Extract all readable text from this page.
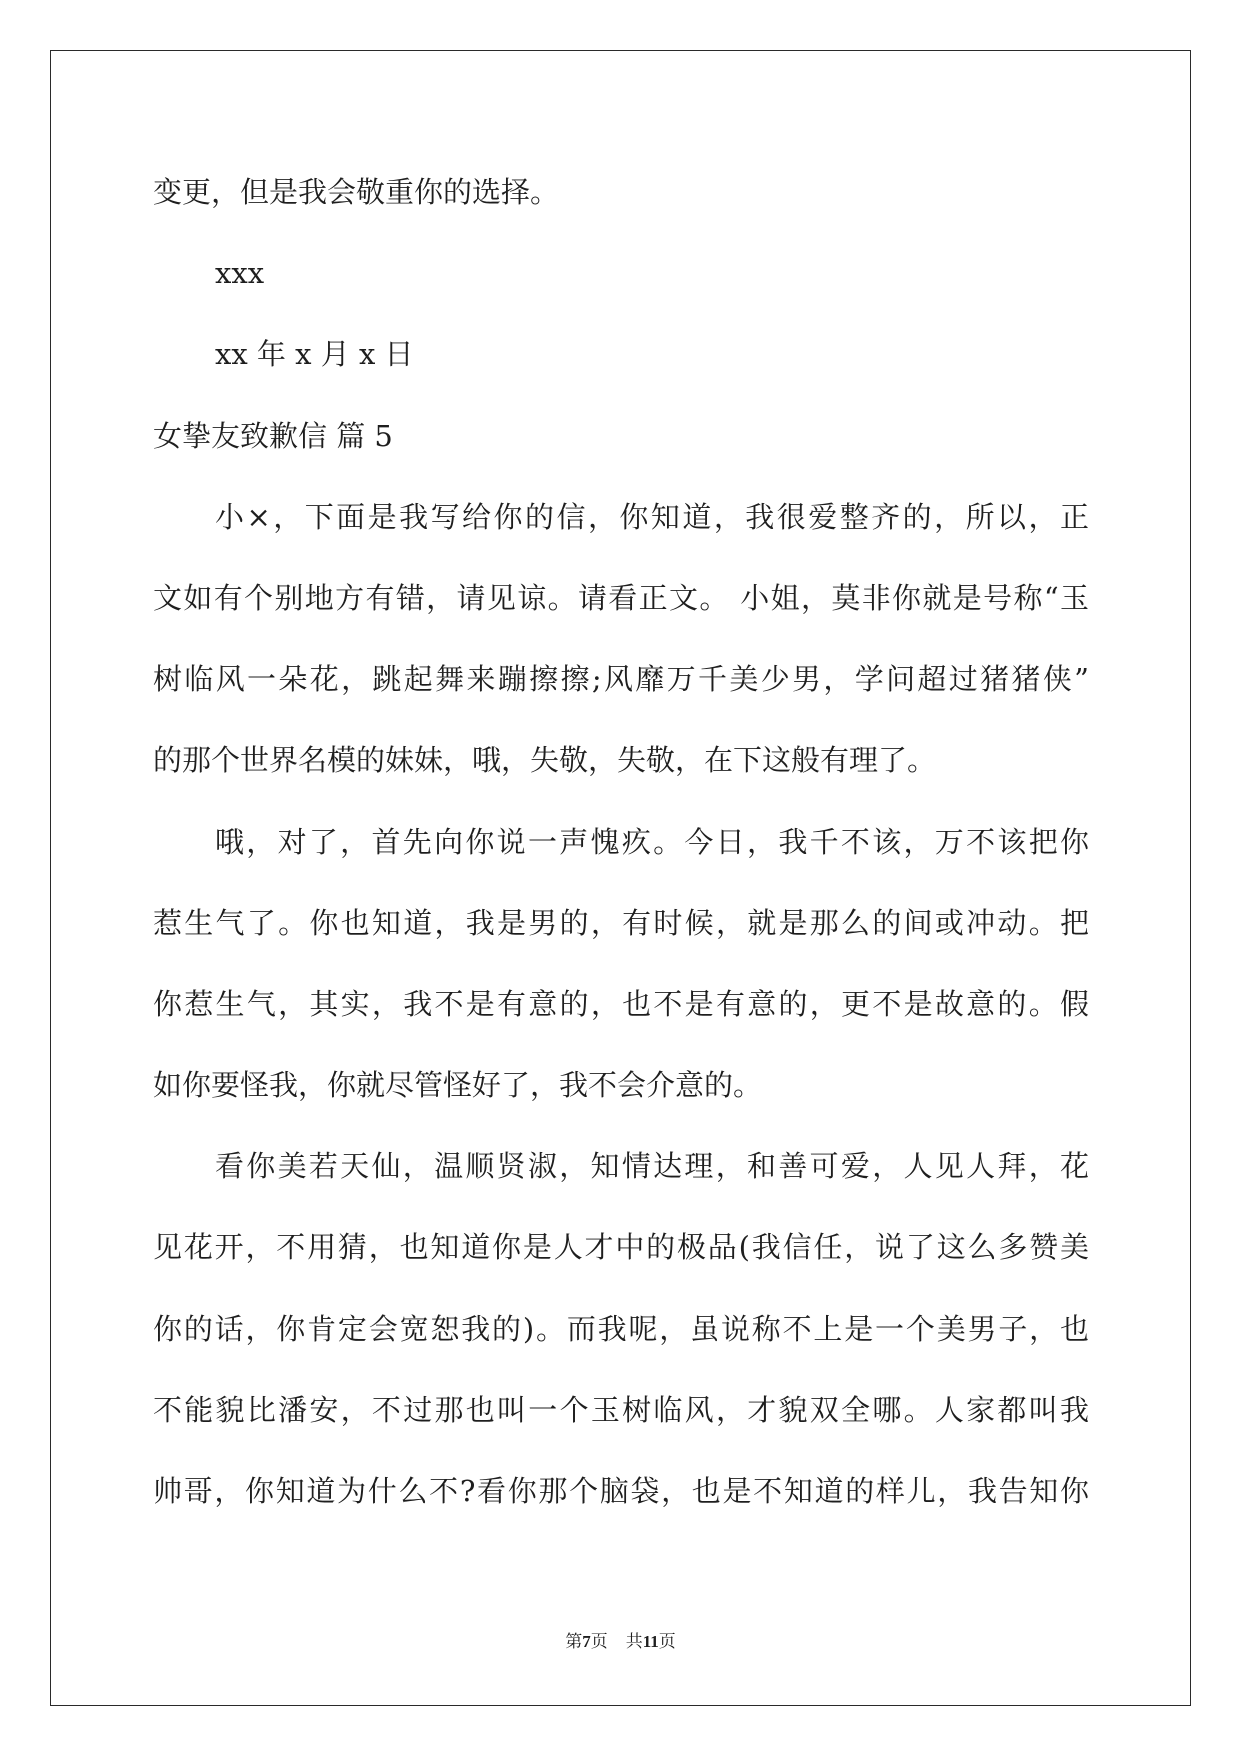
变更，但是我会敬重你的选择。
xxx
xx 年 x 月 x 日
女挚友致歉信 篇 5
小×，下面是我写给你的信，你知道，我很爱整齐的，所以，正
文如有个别地方有错，请见谅。请看正文。 小姐，莫非你就是号称“玉
树临风一朵花，跳起舞来蹦擦擦;风靡万千美少男，学问超过猪猪侠”
的那个世界名模的妹妹，哦，失敬，失敬，在下这般有理了。
哦，对了，首先向你说一声愧疚。今日，我千不该，万不该把你
惹生气了。你也知道，我是男的，有时候，就是那么的间或冲动。把
你惹生气，其实，我不是有意的，也不是有意的，更不是故意的。假
如你要怪我，你就尽管怪好了，我不会介意的。
看你美若天仙，温顺贤淑，知情达理，和善可爱，人见人拜，花
见花开，不用猜，也知道你是人才中的极品(我信任，说了这么多赞美
你的话，你肯定会宽恕我的)。而我呢，虽说称不上是一个美男子，也
不能貌比潘安，不过那也叫一个玉树临风，才貌双全哪。人家都叫我
帅哥，你知道为什么不?看你那个脑袋，也是不知道的样儿，我告知你
第7页 共11页
